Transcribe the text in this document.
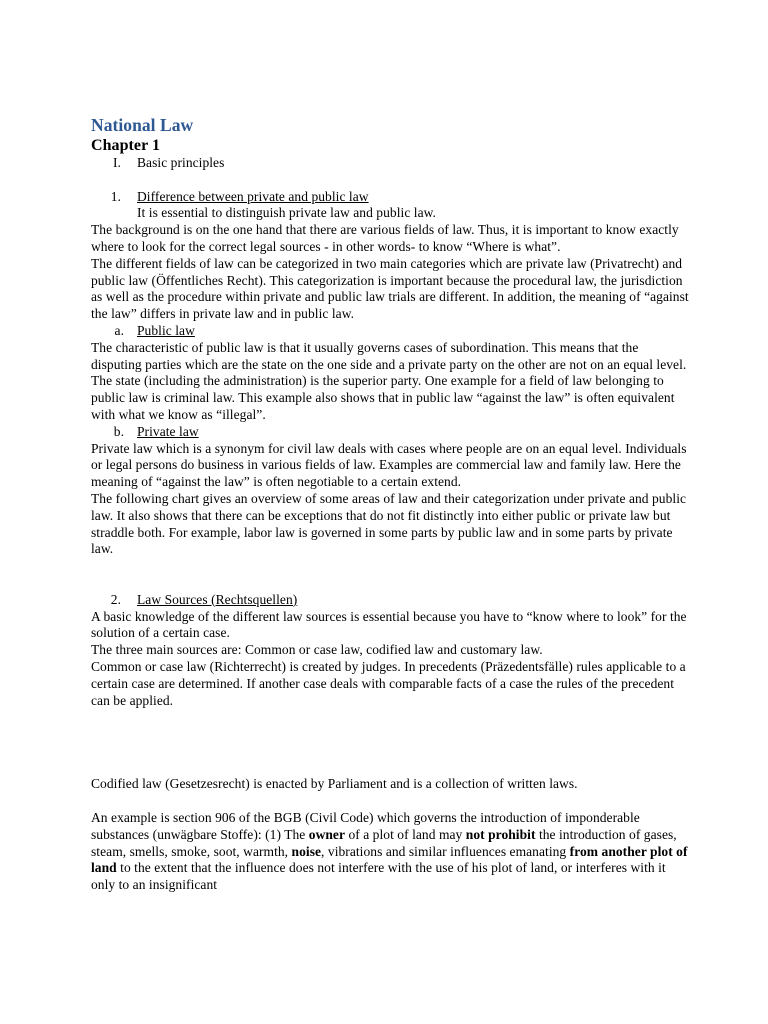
National Law

Chapter 1

I. Basic principles

1. Difference between private and public law

It is essential to distinguish private law and public law.

The background is on the one hand that there are various fields of law. Thus, it is important to know exactly where to look for the correct legal sources - in other words- to know “Where is what”.

The different fields of law can be categorized in two main categories which are private law (Privatrecht) and public law (Öffentliches Recht). This categorization is important because the procedural law, the jurisdiction as well as the procedure within private and public law trials are different. In addition, the meaning of “against the law” differs in private law and in public law.

a. Public law

The characteristic of public law is that it usually governs cases of subordination. This means that the disputing parties which are the state on the one side and a private party on the other are not on an equal level. The state (including the administration) is the superior party. One example for a field of law belonging to public law is criminal law. This example also shows that in public law “against the law” is often equivalent with what we know as “illegal”.

b. Private law

Private law which is a synonym for civil law deals with cases where people are on an equal level. Individuals or legal persons do business in various fields of law. Examples are commercial law and family law. Here the meaning of “against the law” is often negotiable to a certain extend.

The following chart gives an overview of some areas of law and their categorization under private and public law. It also shows that there can be exceptions that do not fit distinctly into either public or private law but straddle both. For example, labor law is governed in some parts by public law and in some parts by private law.

2. Law Sources (Rechtsquellen)

A basic knowledge of the different law sources is essential because you have to “know where to look” for the solution of a certain case.

The three main sources are: Common or case law, codified law and customary law.

Common or case law (Richterrecht) is created by judges. In precedents (Präzedentsfälle) rules applicable to a certain case are determined. If another case deals with comparable facts of a case the rules of the precedent can be applied.

Codified law (Gesetzesrecht) is enacted by Parliament and is a collection of written laws.

An example is section 906 of the BGB (Civil Code) which governs the introduction of imponderable substances (unwägbare Stoffe): (1) The owner of a plot of land may not prohibit the introduction of gases, steam, smells, smoke, soot, warmth, noise, vibrations and similar influences emanating from another plot of land to the extent that the influence does not interfere with the use of his plot of land, or interferes with it only to an insignificant
